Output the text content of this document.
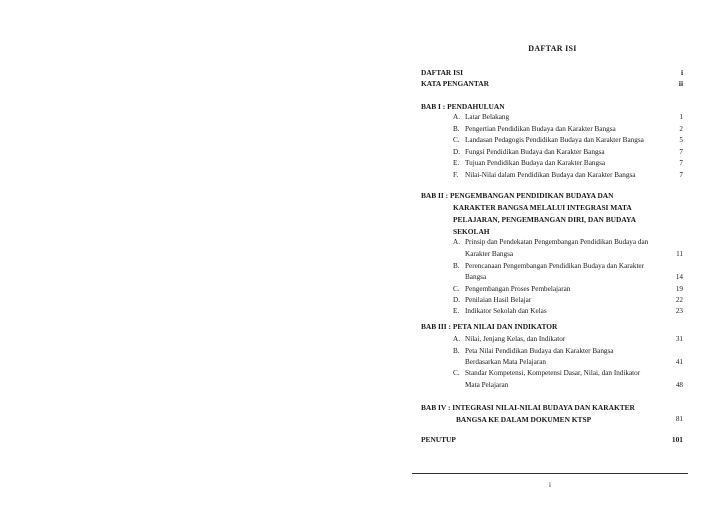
DAFTAR ISI
DAFTAR ISI	i
KATA PENGANTAR	ii
BAB I : PENDAHULUAN
A. Latar Belakang	1
B. Pengertian Pendidikan Budaya dan Karakter Bangsa	2
C. Landasan Pedagogis Pendidikan Budaya dan Karakter Bangsa	5
D. Fungsi Pendidikan Budaya dan Karakter Bangsa	7
E. Tujuan Pendidikan Budaya dan Karakter Bangsa	7
F. Nilai-Nilai dalam Pendidikan Budaya dan Karakter Bangsa	7
BAB II : PENGEMBANGAN PENDIDIKAN BUDAYA DAN
KARAKTER BANGSA MELALUI INTEGRASI MATA
PELAJARAN, PENGEMBANGAN DIRI, DAN BUDAYA
SEKOLAH
A. Prinsip dan Pendekatan Pengembangan Pendidikan Budaya dan
Karakter Bangsa	11
B. Perencanaan Pengembangan Pendidikan Budaya dan Karakter
Bangsa	14
C. Pengembangan Proses Pembelajaran	19
D. Penilaian Hasil Belajar	22
E. Indikator Sekolah dan Kelas	23
BAB III : PETA NILAI DAN INDIKATOR
A. Nilai, Jenjang Kelas, dan Indikator	31
B. Peta Nilai Pendidikan Budaya dan Karakter Bangsa
Berdasarkan Mata Pelajaran	41
C. Standar Kompetensi, Kompetensi Dasar, Nilai, dan Indikator
Mata Pelajaran	48
BAB IV : INTEGRASI NILAI-NILAI BUDAYA DAN KARAKTER
BANGSA KE DALAM DOKUMEN KTSP	81
PENUTUP	101
i
